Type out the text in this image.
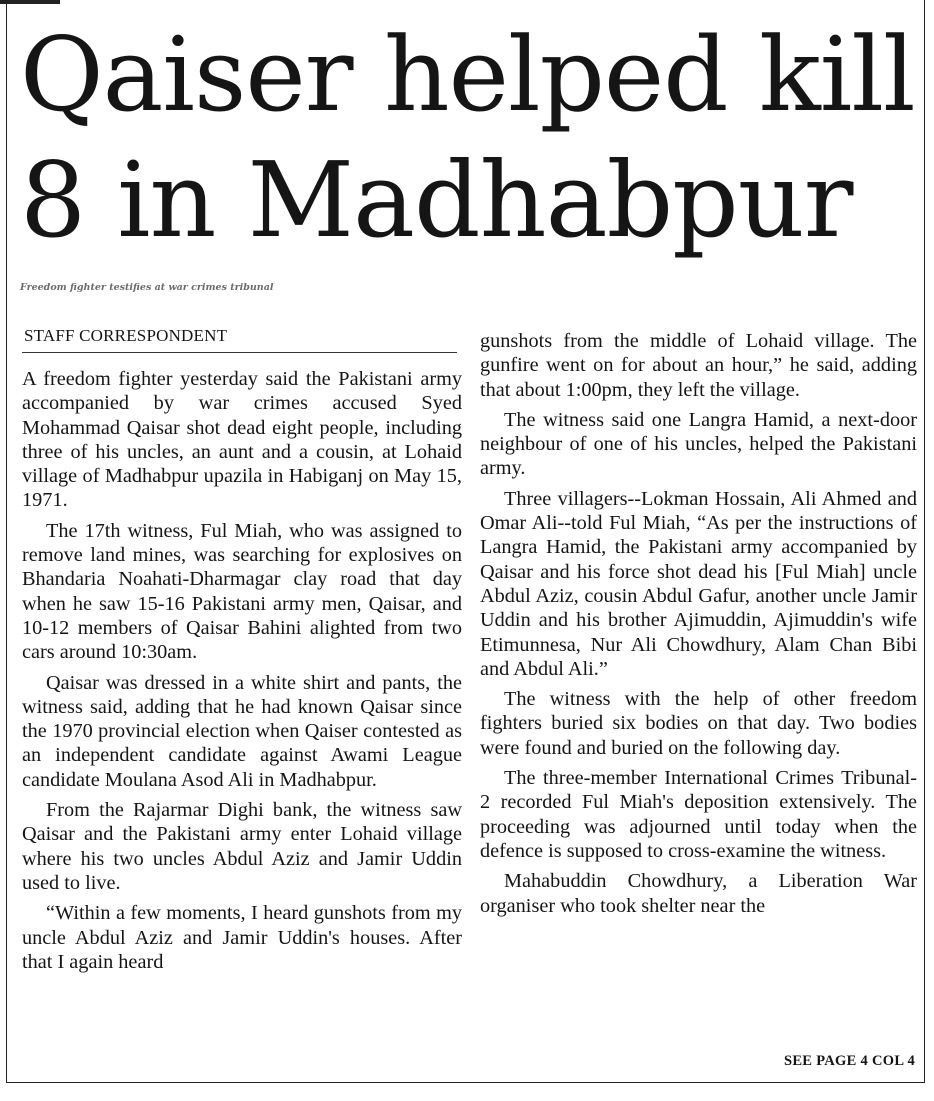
Qaiser helped kill
8 in Madhabpur
Freedom fighter testifies at war crimes tribunal
STAFF CORRESPONDENT

A freedom fighter yesterday said the Pakistani army accompanied by war crimes accused Syed Mohammad Qaisar shot dead eight people, including three of his uncles, an aunt and a cousin, at Lohaid village of Madhabpur upazila in Habiganj on May 15, 1971.

The 17th witness, Ful Miah, who was assigned to remove land mines, was searching for explosives on Bhandaria Noahati-Dharmagar clay road that day when he saw 15-16 Pakistani army men, Qaisar, and 10-12 members of Qaisar Bahini alighted from two cars around 10:30am.

Qaisar was dressed in a white shirt and pants, the witness said, adding that he had known Qaisar since the 1970 provincial election when Qaiser contested as an independent candidate against Awami League candidate Moulana Asod Ali in Madhabpur.

From the Rajarmar Dighi bank, the witness saw Qaisar and the Pakistani army enter Lohaid village where his two uncles Abdul Aziz and Jamir Uddin used to live.

“Within a few moments, I heard gunshots from my uncle Abdul Aziz and Jamir Uddin's houses. After that I again heard

gunshots from the middle of Lohaid village. The gunfire went on for about an hour,” he said, adding that about 1:00pm, they left the village.

The witness said one Langra Hamid, a next-door neighbour of one of his uncles, helped the Pakistani army.

Three villagers--Lokman Hossain, Ali Ahmed and Omar Ali--told Ful Miah, “As per the instructions of Langra Hamid, the Pakistani army accompanied by Qaisar and his force shot dead his [Ful Miah] uncle Abdul Aziz, cousin Abdul Gafur, another uncle Jamir Uddin and his brother Ajimuddin, Ajimuddin's wife Etimunnesa, Nur Ali Chowdhury, Alam Chan Bibi and Abdul Ali.”

The witness with the help of other freedom fighters buried six bodies on that day. Two bodies were found and buried on the following day.

The three-member International Crimes Tribunal-2 recorded Ful Miah's deposition extensively. The proceeding was adjourned until today when the defence is supposed to cross-examine the witness.

Mahabuddin Chowdhury, a Liberation War organiser who took shelter near the

SEE PAGE 4 COL 4
